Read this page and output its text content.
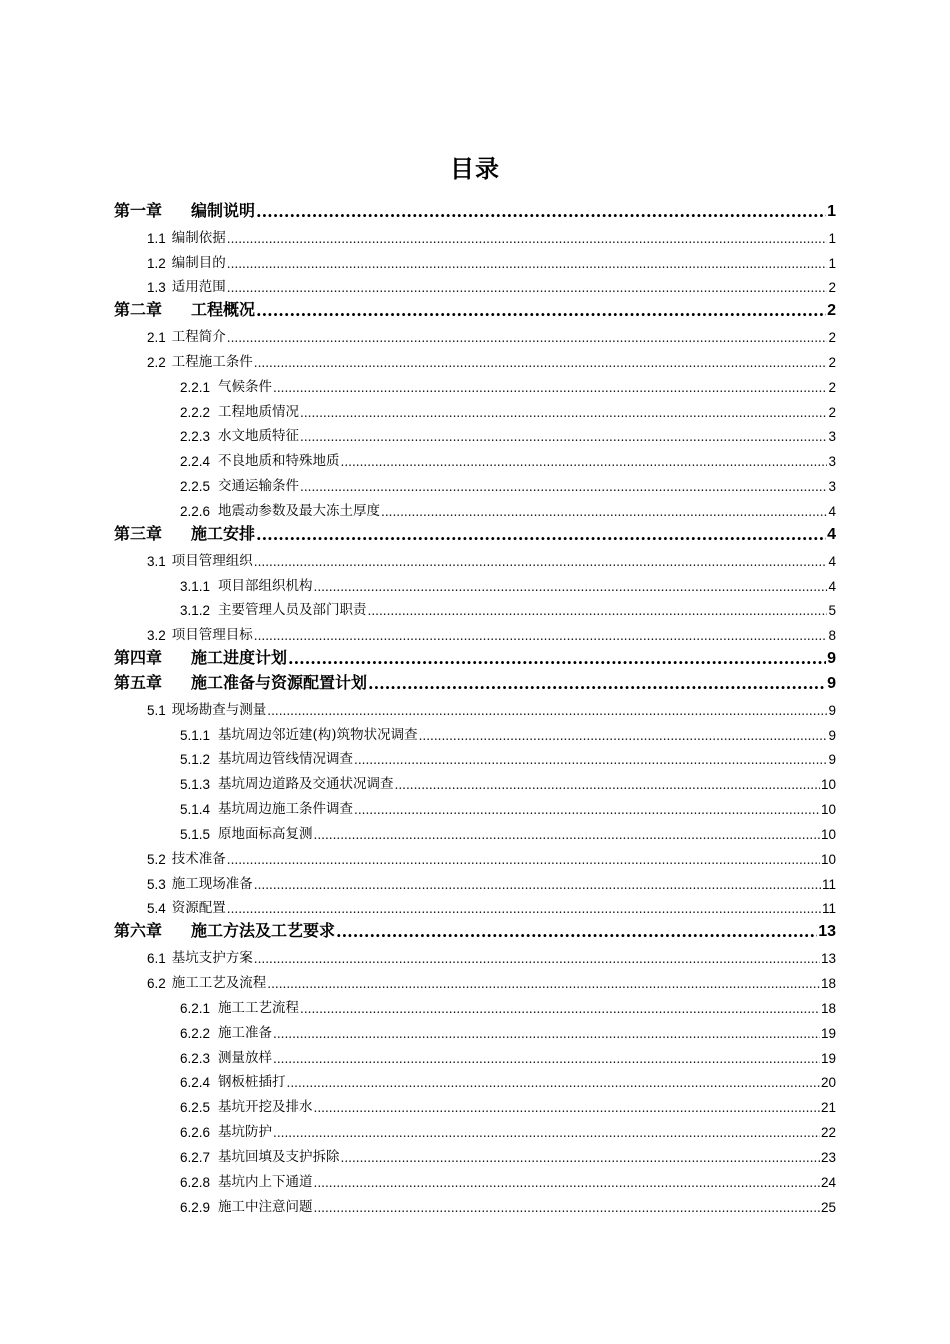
目录
第一章	编制说明 .....	1
1.1 编制依据 .....	1
1.2 编制目的 .....	1
1.3 适用范围 .....	2
第二章	工程概况 .....	2
2.1 工程简介 .....	2
2.2 工程施工条件 .....	2
2.2.1 气候条件 .....	2
2.2.2 工程地质情况 .....	2
2.2.3 水文地质特征 .....	3
2.2.4 不良地质和特殊地质 .....	3
2.2.5 交通运输条件 .....	3
2.2.6 地震动参数及最大冻土厚度 .....	4
第三章	施工安排 .....	4
3.1 项目管理组织 .....	4
3.1.1 项目部组织机构 .....	4
3.1.2 主要管理人员及部门职责 .....	5
3.2 项目管理目标 .....	8
第四章	施工进度计划 .....	9
第五章	施工准备与资源配置计划 .....	9
5.1 现场勘查与测量 .....	9
5.1.1 基坑周边邻近建(构)筑物状况调查 .....	9
5.1.2 基坑周边管线情况调查 .....	9
5.1.3 基坑周边道路及交通状况调查 .....	10
5.1.4 基坑周边施工条件调查 .....	10
5.1.5 原地面标高复测 .....	10
5.2 技术准备 .....	10
5.3 施工现场准备 .....	11
5.4 资源配置 .....	11
第六章	施工方法及工艺要求 .....	13
6.1 基坑支护方案 .....	13
6.2 施工工艺及流程 .....	18
6.2.1 施工工艺流程 .....	18
6.2.2 施工准备 .....	19
6.2.3 测量放样 .....	19
6.2.4 钢板桩插打 .....	20
6.2.5 基坑开挖及排水 .....	21
6.2.6 基坑防护 .....	22
6.2.7 基坑回填及支护拆除 .....	23
6.2.8 基坑内上下通道 .....	24
6.2.9 施工中注意问题 .....	25
